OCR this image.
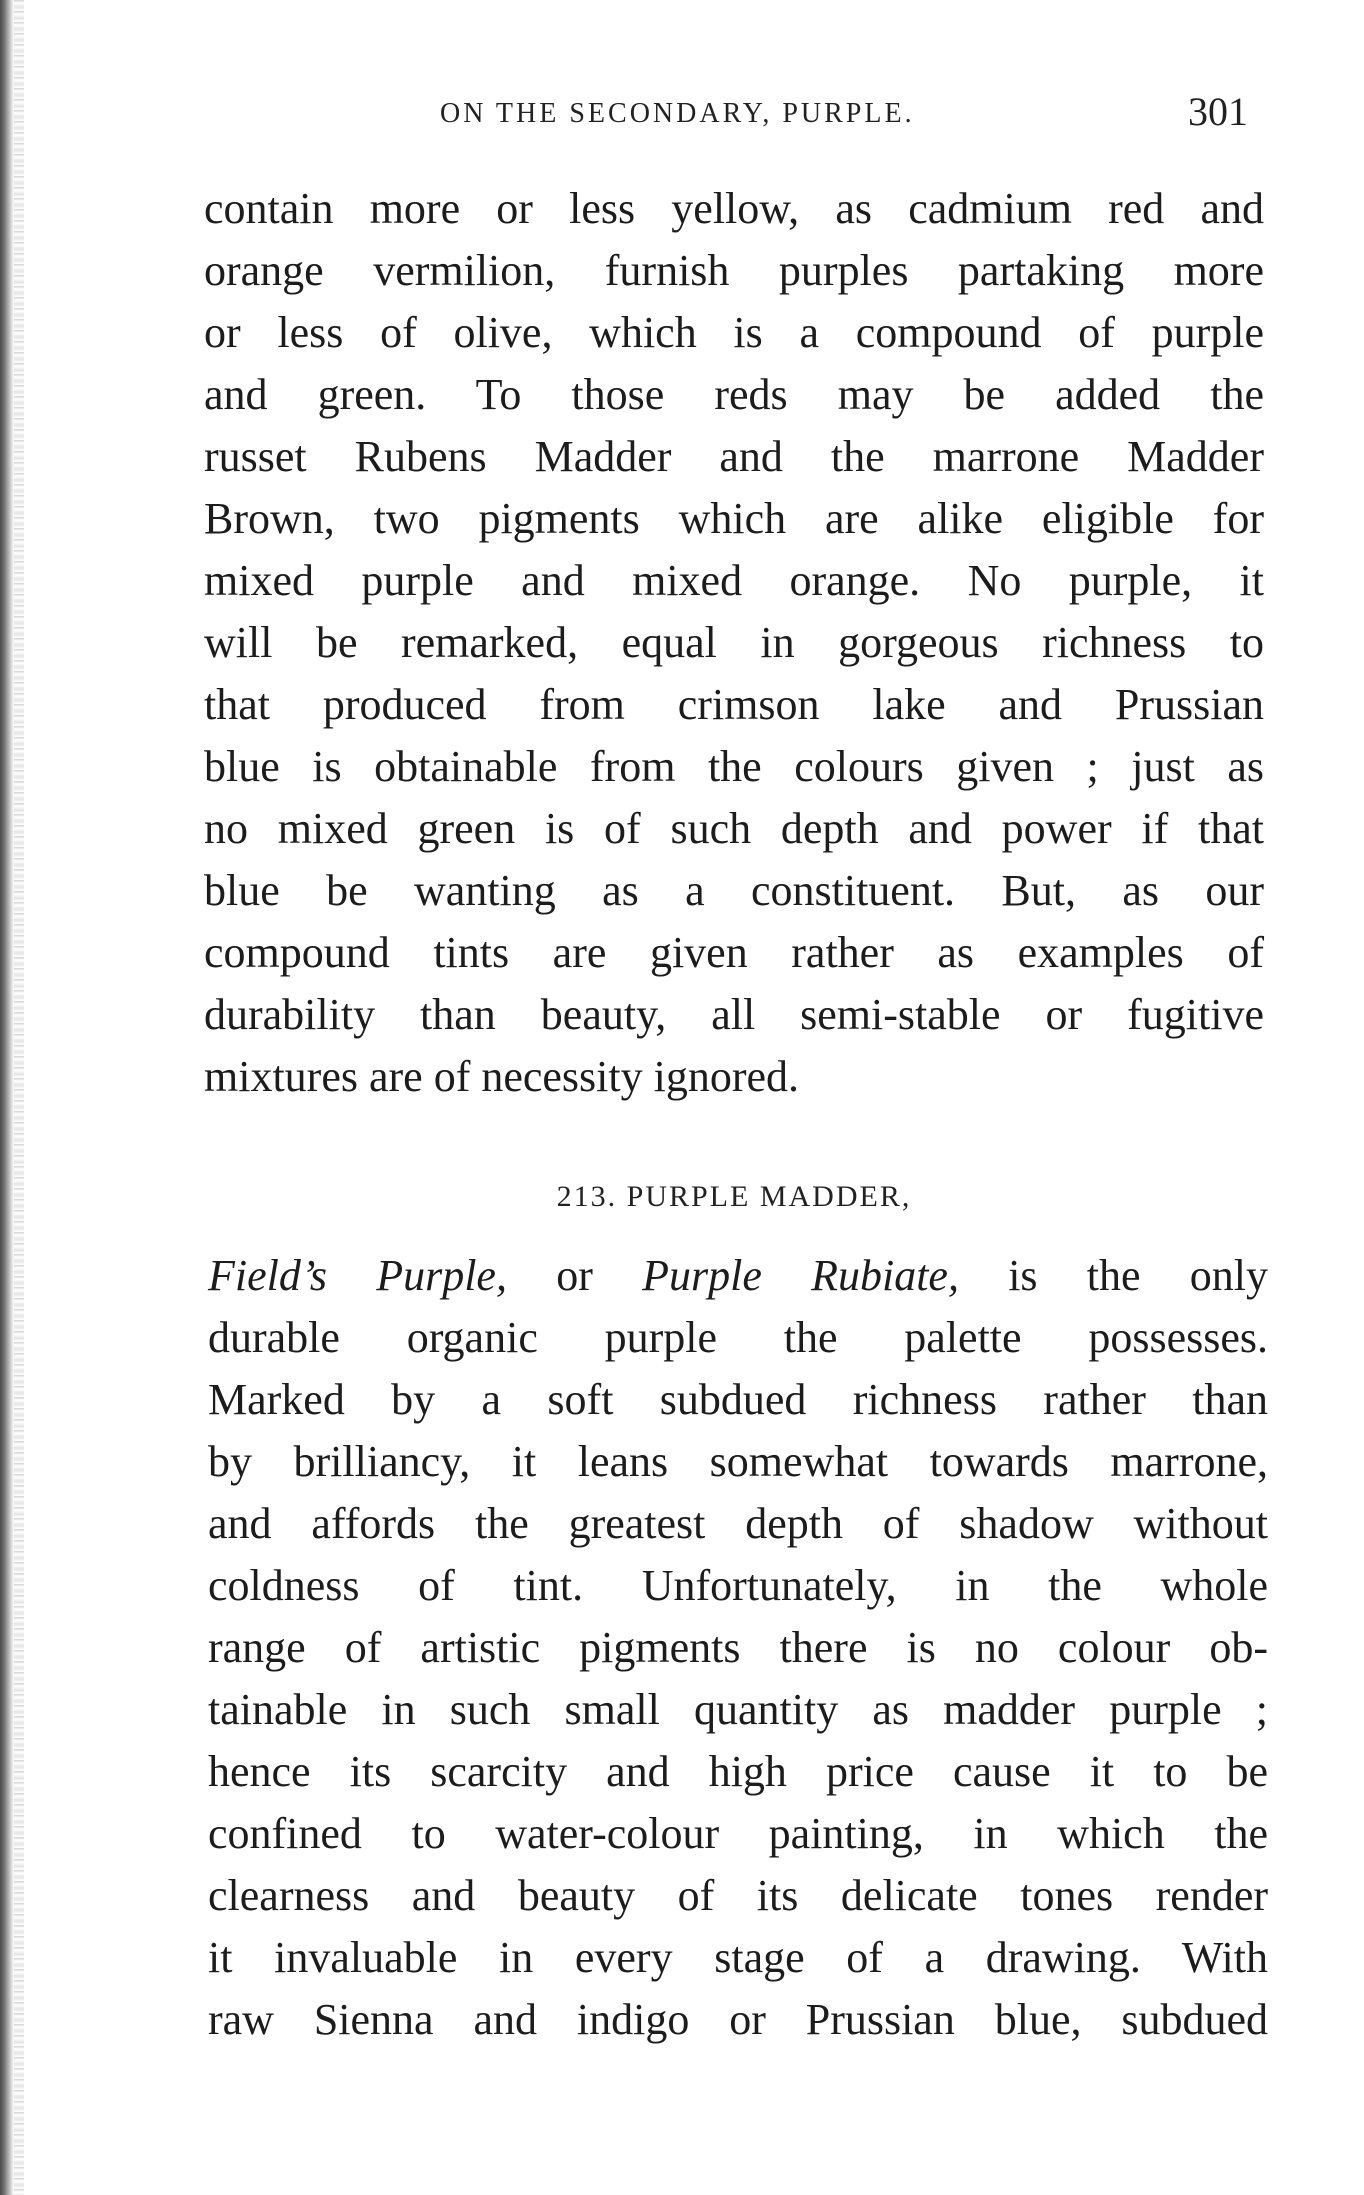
ON THE SECONDARY, PURPLE.	301
contain more or less yellow, as cadmium red and
orange vermilion, furnish purples partaking more
or less of olive, which is a compound of purple
and green. To those reds may be added the
russet Rubens Madder and the marrone Madder
Brown, two pigments which are alike eligible for
mixed purple and mixed orange. No purple, it
will be remarked, equal in gorgeous richness to
that produced from crimson lake and Prussian
blue is obtainable from the colours given ; just as
no mixed green is of such depth and power if that
blue be wanting as a constituent. But, as our
compound tints are given rather as examples of
durability than beauty, all semi-stable or fugitive
mixtures are of necessity ignored.
213. PURPLE MADDER,
Field’s Purple, or Purple Rubiate, is the only
durable organic purple the palette possesses.
Marked by a soft subdued richness rather than
by brilliancy, it leans somewhat towards marrone,
and affords the greatest depth of shadow without
coldness of tint. Unfortunately, in the whole
range of artistic pigments there is no colour ob-
tainable in such small quantity as madder purple ;
hence its scarcity and high price cause it to be
confined to water-colour painting, in which the
clearness and beauty of its delicate tones render
it invaluable in every stage of a drawing. With
raw Sienna and indigo or Prussian blue, subdued
